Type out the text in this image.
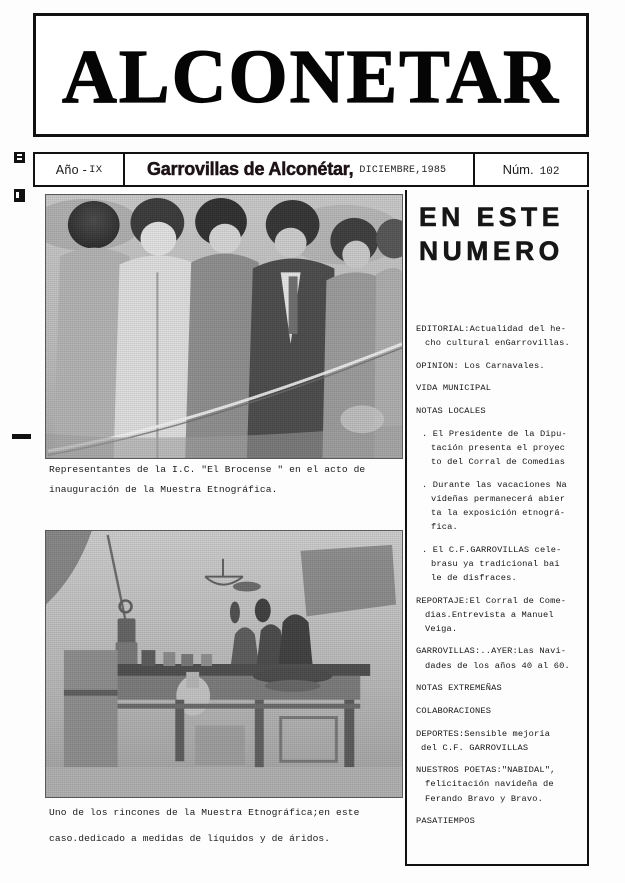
ALCONETAR
Año - IX Garrovillas de Alconétar, DICIEMBRE,1985	Núm. 102
Representantes de la I.C. "El Brocense " en el acto de
inauguración de la Muestra Etnográfica.
Uno de los rincones de la Muestra Etnográfica;en este
caso.dedicado a medidas de líquidos y de áridos.
EN ESTE
NUMERO
EDITORIAL:Actualidad del he-
cho cultural enGarrovillas.
OPINION: Los Carnavales.
VIDA MUNICIPAL
NOTAS LOCALES
. El Presidente de la Dipu-
tación presenta el proyec
to del Corral de Comedias
. Durante las vacaciones Na
vídeñas permanecerá abier
ta la exposición etnográ-
fica.
. El C.F.GARROVILLAS cele-
brasu ya tradicional bai
le de disfraces.
REPORTAJE:El Corral de Come-
dias.Entrevista a Manuel
Veiga.
GARROVILLAS:..AYER:Las Navi-
dades de los años 40 al 60.
NOTAS EXTREMEÑAS
COLABORACIONES
DEPORTES:Sensible mejoría
del C.F. GARROVILLAS
NUESTROS POETAS:"NABIDAL",
felicitación navideña de
Ferando Bravo y Bravo.
PASATIEMPOS
